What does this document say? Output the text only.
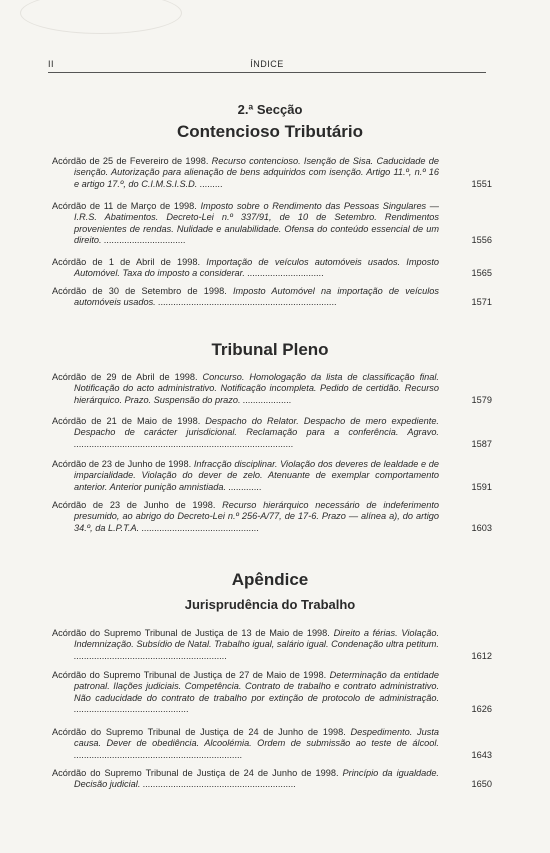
II	ÍNDICE
2.ª Secção
Contencioso Tributário
Acórdão de 25 de Fevereiro de 1998. Recurso contencioso. Isenção de Sisa. Caducidade de isenção. Autorização para alienação de bens adquiridos com isenção. Artigo 11.º, n.º 16 e artigo 17.º, do C.I.M.S.I.S.D. .........	1551
Acórdão de 11 de Março de 1998. Imposto sobre o Rendimento das Pessoas Singulares — I.R.S. Abatimentos. Decreto-Lei n.º 337/91, de 10 de Setembro. Rendimentos provenientes de rendas. Nulidade e anulabilidade. Ofensa do conteúdo essencial de um direito. ................................	1556
Acórdão de 1 de Abril de 1998. Importação de veículos automóveis usados. Imposto Automóvel. Taxa do imposto a considerar. ..............................	1565
Acórdão de 30 de Setembro de 1998. Imposto Automóvel na importação de veículos automóveis usados. ......................................................................	1571
Tribunal Pleno
Acórdão de 29 de Abril de 1998. Concurso. Homologação da lista de classificação final. Notificação do acto administrativo. Notificação incompleta. Pedido de certidão. Recurso hierárquico. Prazo. Suspensão do prazo. ...................	1579
Acórdão de 21 de Maio de 1998. Despacho do Relator. Despacho de mero expediente. Despacho de carácter jurisdicional. Reclamação para a conferência. Agravo. ......................................................................................	1587
Acórdão de 23 de Junho de 1998. Infracção disciplinar. Violação dos deveres de lealdade e de imparcialidade. Violação do dever de zelo. Atenuante de exemplar comportamento anterior. Anterior punição amnistiada. .............	1591
Acórdão de 23 de Junho de 1998. Recurso hierárquico necessário de indeferimento presumido, ao abrigo do Decreto-Lei n.º 256-A/77, de 17-6. Prazo — alínea a), do artigo 34.º, da L.P.T.A. ..............................................	1603
Apêndice
Jurisprudência do Trabalho
Acórdão do Supremo Tribunal de Justiça de 13 de Maio de 1998. Direito a férias. Violação. Indemnização. Subsídio de Natal. Trabalho igual, salário igual. Condenação ultra petitum. ............................................................	1612
Acórdão do Supremo Tribunal de Justiça de 27 de Maio de 1998. Determinação da entidade patronal. Ilações judiciais. Competência. Contrato de trabalho e contrato administrativo. Não caducidade do contrato de trabalho por extinção de protocolo de administração. .............................................	1626
Acórdão do Supremo Tribunal de Justiça de 24 de Junho de 1998. Despedimento. Justa causa. Dever de obediência. Alcoolémia. Ordem de submissão ao teste de álcool. ..................................................................	1643
Acórdão do Supremo Tribunal de Justiça de 24 de Junho de 1998. Princípio da igualdade. Decisão judicial. ............................................................	1650
